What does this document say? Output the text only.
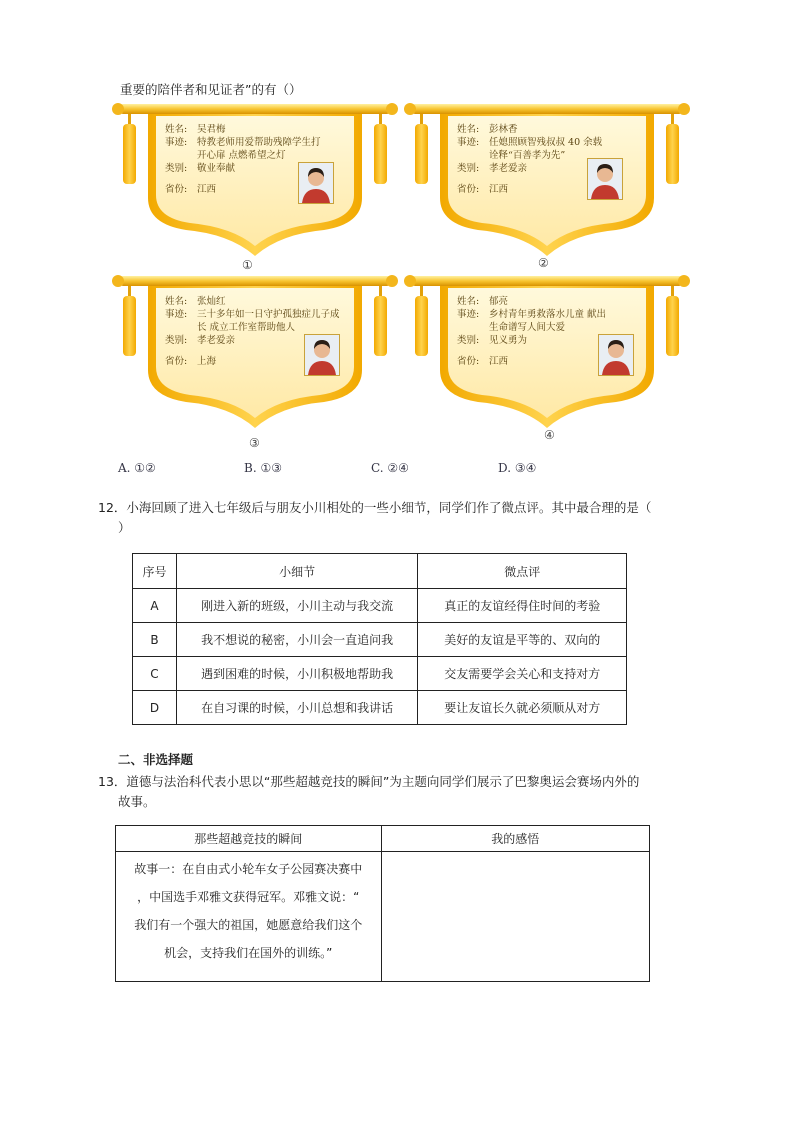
重要的陪伴者和见证者”的有（）
姓名:	吴君梅
事迹:	特教老师用爱帮助残障学生打
开心扉 点燃希望之灯
类别:	敬业奉献
省份:	江西
①
姓名:	彭林香
事迹:	任媳照顾智残叔叔 40 余载
诠释“百善孝为先”
类别:	孝老爱亲
省份:	江西
②
姓名:	张灿红
事迹:	三十多年如一日守护孤独症儿子成
长 成立工作室帮助他人
类别:	孝老爱亲
省份:	上海
③
姓名:	郁亮
事迹:	乡村青年勇救落水儿童 献出
生命谱写人间大爱
类别:	见义勇为
省份:	江西
④
A. ①②	B. ①③	C. ②④	D. ③④
12．小海回顾了进入七年级后与朋友小川相处的一些小细节，同学们作了微点评。其中最合理的是（
）
序号	小细节	微点评
A	刚进入新的班级，小川主动与我交流	真正的友谊经得住时间的考验
B	我不想说的秘密，小川会一直追问我	美好的友谊是平等的、双向的
C	遇到困难的时候，小川积极地帮助我	交友需要学会关心和支持对方
D	在自习课的时候，小川总想和我讲话	要让友谊长久就必须顺从对方
二、非选择题
13．道德与法治科代表小思以“那些超越竞技的瞬间”为主题向同学们展示了巴黎奥运会赛场内外的
故事。
那些超越竞技的瞬间	我的感悟

故事一：在自由式小轮车女子公园赛决赛中
，中国选手邓雅文获得冠军。邓雅文说：“
我们有一个强大的祖国，她愿意给我们这个
机会，支持我们在国外的训练。”	
